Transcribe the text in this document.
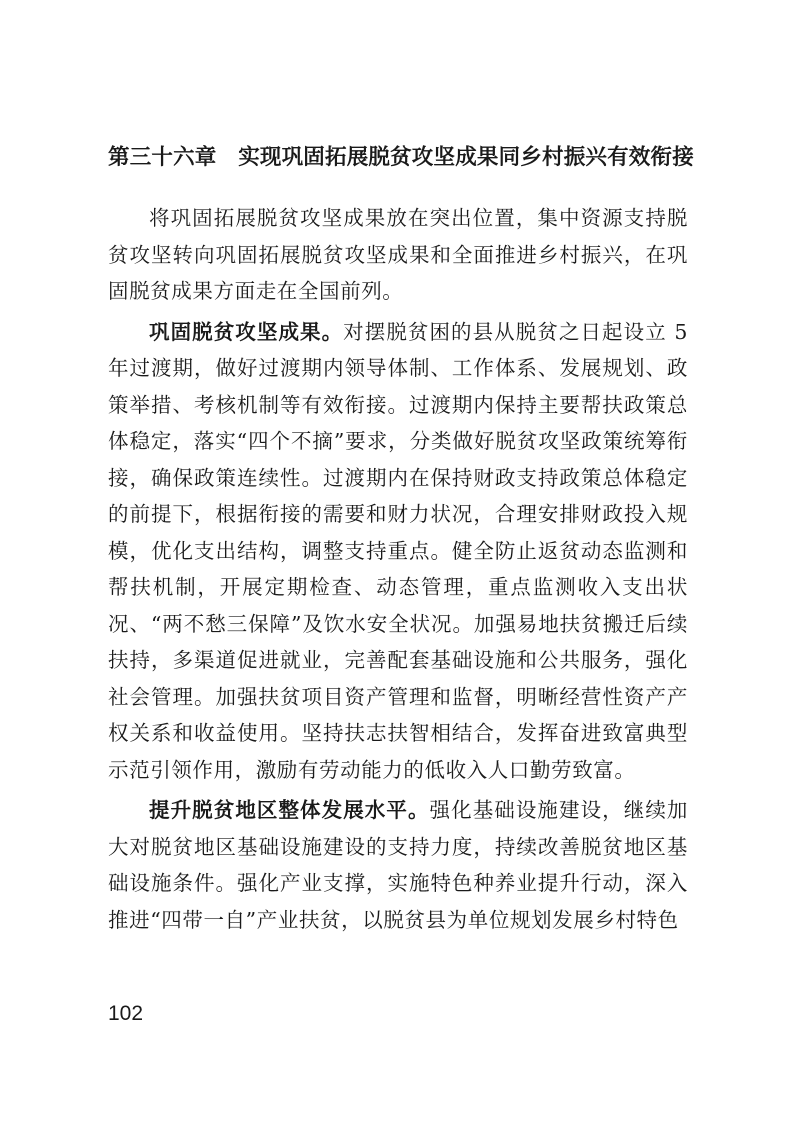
第三十六章　实现巩固拓展脱贫攻坚成果同乡村振兴有效衔接

将巩固拓展脱贫攻坚成果放在突出位置，集中资源支持脱贫攻坚转向巩固拓展脱贫攻坚成果和全面推进乡村振兴，在巩固脱贫成果方面走在全国前列。

巩固脱贫攻坚成果。对摆脱贫困的县从脱贫之日起设立 5 年过渡期，做好过渡期内领导体制、工作体系、发展规划、政策举措、考核机制等有效衔接。过渡期内保持主要帮扶政策总体稳定，落实“四个不摘”要求，分类做好脱贫攻坚政策统筹衔接，确保政策连续性。过渡期内在保持财政支持政策总体稳定的前提下，根据衔接的需要和财力状况，合理安排财政投入规模，优化支出结构，调整支持重点。健全防止返贫动态监测和帮扶机制，开展定期检查、动态管理，重点监测收入支出状况、“两不愁三保障”及饮水安全状况。加强易地扶贫搬迁后续扶持，多渠道促进就业，完善配套基础设施和公共服务，强化社会管理。加强扶贫项目资产管理和监督，明晰经营性资产产权关系和收益使用。坚持扶志扶智相结合，发挥奋进致富典型示范引领作用，激励有劳动能力的低收入人口勤劳致富。

提升脱贫地区整体发展水平。强化基础设施建设，继续加大对脱贫地区基础设施建设的支持力度，持续改善脱贫地区基础设施条件。强化产业支撑，实施特色种养业提升行动，深入推进“四带一自”产业扶贫，以脱贫县为单位规划发展乡村特色

102
